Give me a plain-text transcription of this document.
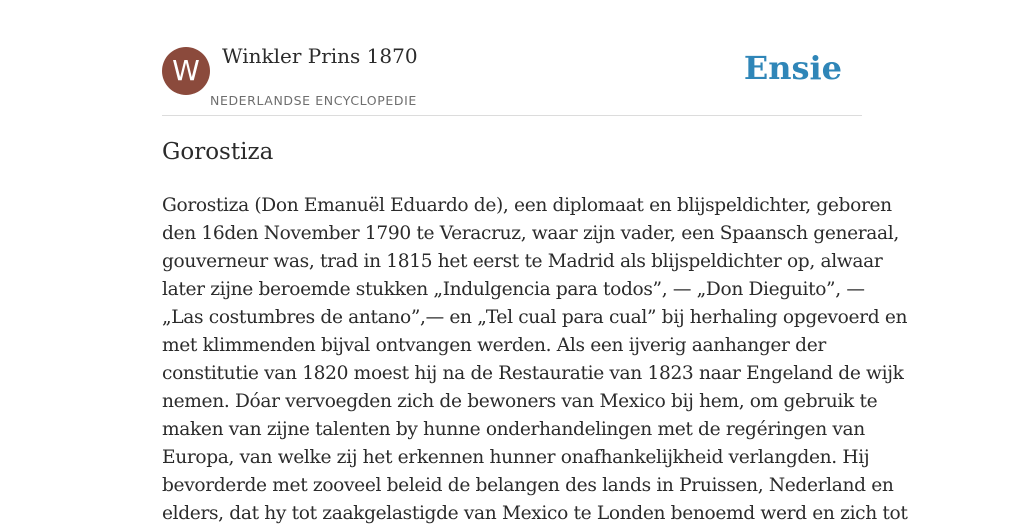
W	Winkler Prins 1870
NEDERLANDSE ENCYCLOPEDIE
Ensie
Gorostiza

Gorostiza (Don Emanuël Eduardo de), een diplomaat en blijspeldichter, geboren
den 16den November 1790 te Veracruz, waar zijn vader, een Spaansch generaal,
gouverneur was, trad in 1815 het eerst te Madrid als blijspeldichter op, alwaar
later zijne beroemde stukken „Indulgencia para todos”, — „Don Dieguito”, —
„Las costumbres de antano”,— en „Tel cual para cual” bij herhaling opgevoerd en
met klimmenden bijval ontvangen werden. Als een ijverig aanhanger der
constitutie van 1820 moest hij na de Restauratie van 1823 naar Engeland de wijk
nemen. Dóar vervoegden zich de bewoners van Mexico bij hem, om gebruik te
maken van zijne talenten by hunne onderhandelingen met de regéringen van
Europa, van welke zij het erkennen hunner onafhankelijkheid verlangden. Hij
bevorderde met zooveel beleid de belangen des lands in Pruissen, Nederland en
elders, dat hy tot zaakgelastigde van Mexico te Londen benoemd werd en zich tot
